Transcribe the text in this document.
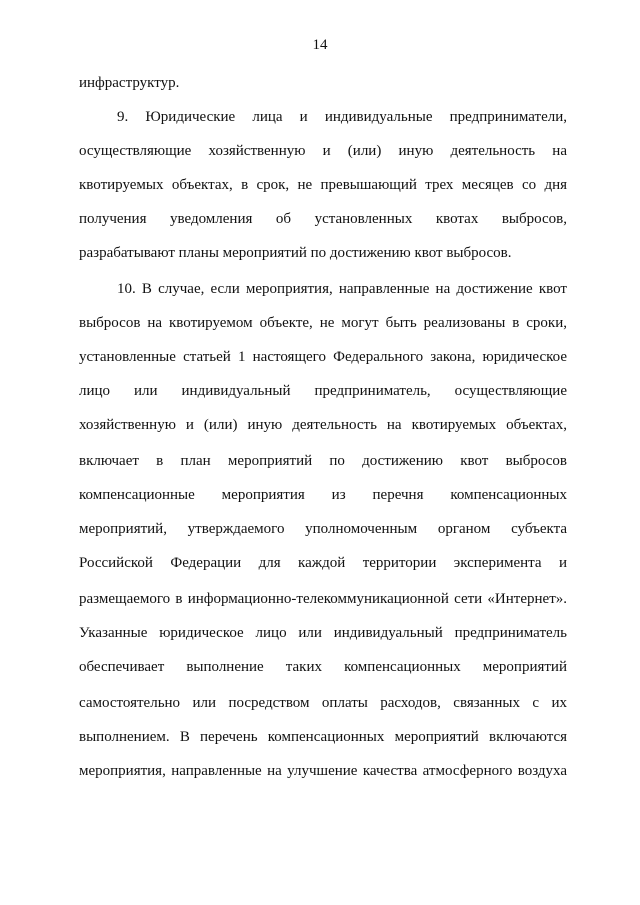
14
инфраструктур.
9. Юридические лица и индивидуальные предприниматели,
осуществляющие хозяйственную и (или) иную деятельность на
квотируемых объектах, в срок, не превышающий трех месяцев со дня
получения уведомления об установленных квотах выбросов,
разрабатывают планы мероприятий по достижению квот выбросов.
10. В случае, если мероприятия, направленные на достижение квот
выбросов на квотируемом объекте, не могут быть реализованы в сроки,
установленные статьей 1 настоящего Федерального закона, юридическое
лицо или индивидуальный предприниматель, осуществляющие
хозяйственную и (или) иную деятельность на квотируемых объектах,
включает в план мероприятий по достижению квот выбросов
компенсационные мероприятия из перечня компенсационных
мероприятий, утверждаемого уполномоченным органом субъекта
Российской Федерации для каждой территории эксперимента и
размещаемого в информационно-телекоммуникационной сети «Интернет».
Указанные юридическое лицо или индивидуальный предприниматель
обеспечивает выполнение таких компенсационных мероприятий
самостоятельно или посредством оплаты расходов, связанных с их
выполнением. В перечень компенсационных мероприятий включаются
мероприятия, направленные на улучшение качества атмосферного воздуха
